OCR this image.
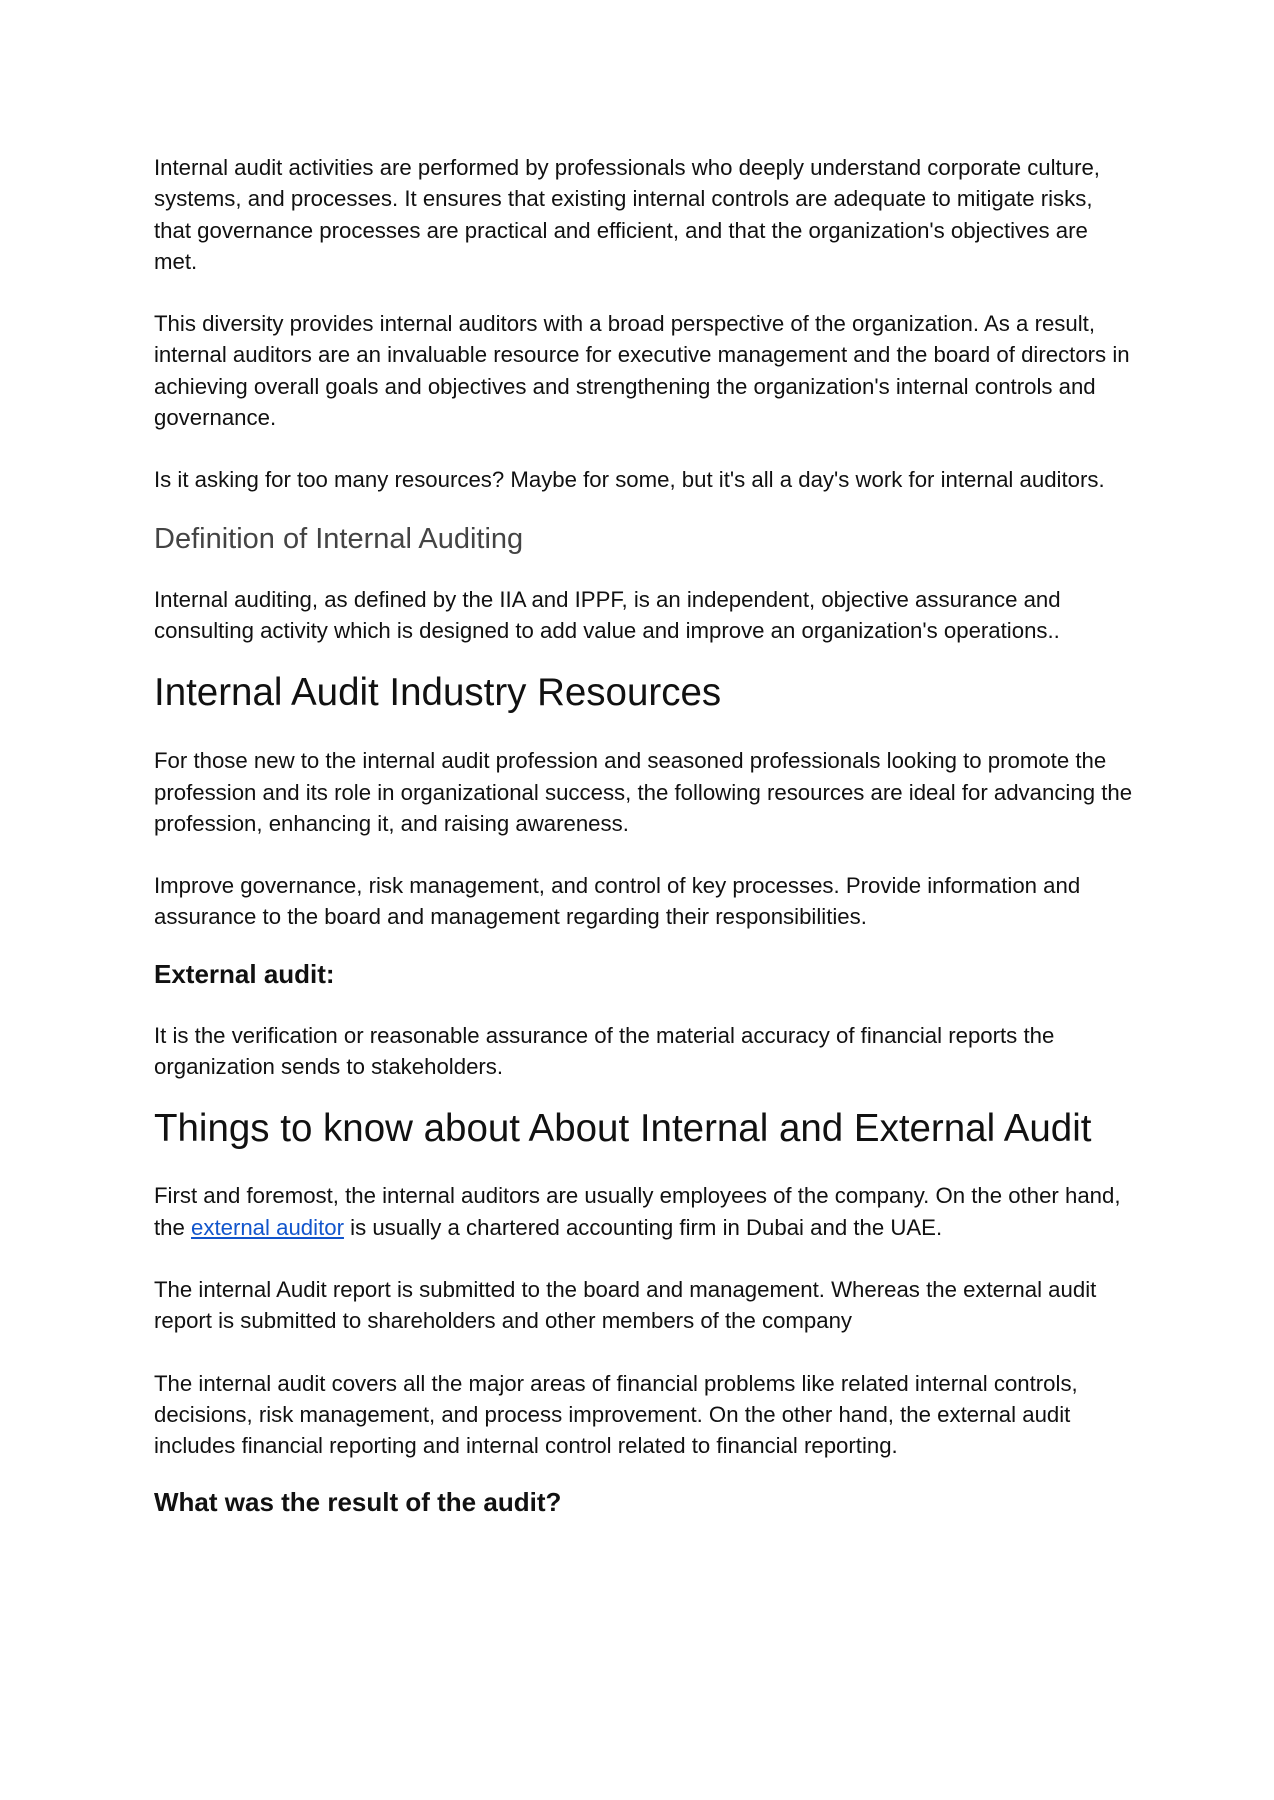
Internal audit activities are performed by professionals who deeply understand corporate culture, systems, and processes. It ensures that existing internal controls are adequate to mitigate risks, that governance processes are practical and efficient, and that the organization's objectives are met.

This diversity provides internal auditors with a broad perspective of the organization. As a result, internal auditors are an invaluable resource for executive management and the board of directors in achieving overall goals and objectives and strengthening the organization's internal controls and governance.

Is it asking for too many resources? Maybe for some, but it's all a day's work for internal auditors.

Definition of Internal Auditing

Internal auditing, as defined by the IIA and IPPF, is an independent, objective assurance and consulting activity which is designed to add value and improve an organization's operations..

Internal Audit Industry Resources

For those new to the internal audit profession and seasoned professionals looking to promote the profession and its role in organizational success, the following resources are ideal for advancing the profession, enhancing it, and raising awareness.

Improve governance, risk management, and control of key processes. Provide information and assurance to the board and management regarding their responsibilities.

External audit:

It is the verification or reasonable assurance of the material accuracy of financial reports the organization sends to stakeholders.

Things to know about About Internal and External Audit

First and foremost, the internal auditors are usually employees of the company. On the other hand, the external auditor is usually a chartered accounting firm in Dubai and the UAE.

The internal Audit report is submitted to the board and management. Whereas the external audit report is submitted to shareholders and other members of the company

The internal audit covers all the major areas of financial problems like related internal controls, decisions, risk management, and process improvement. On the other hand, the external audit includes financial reporting and internal control related to financial reporting.

What was the result of the audit?
